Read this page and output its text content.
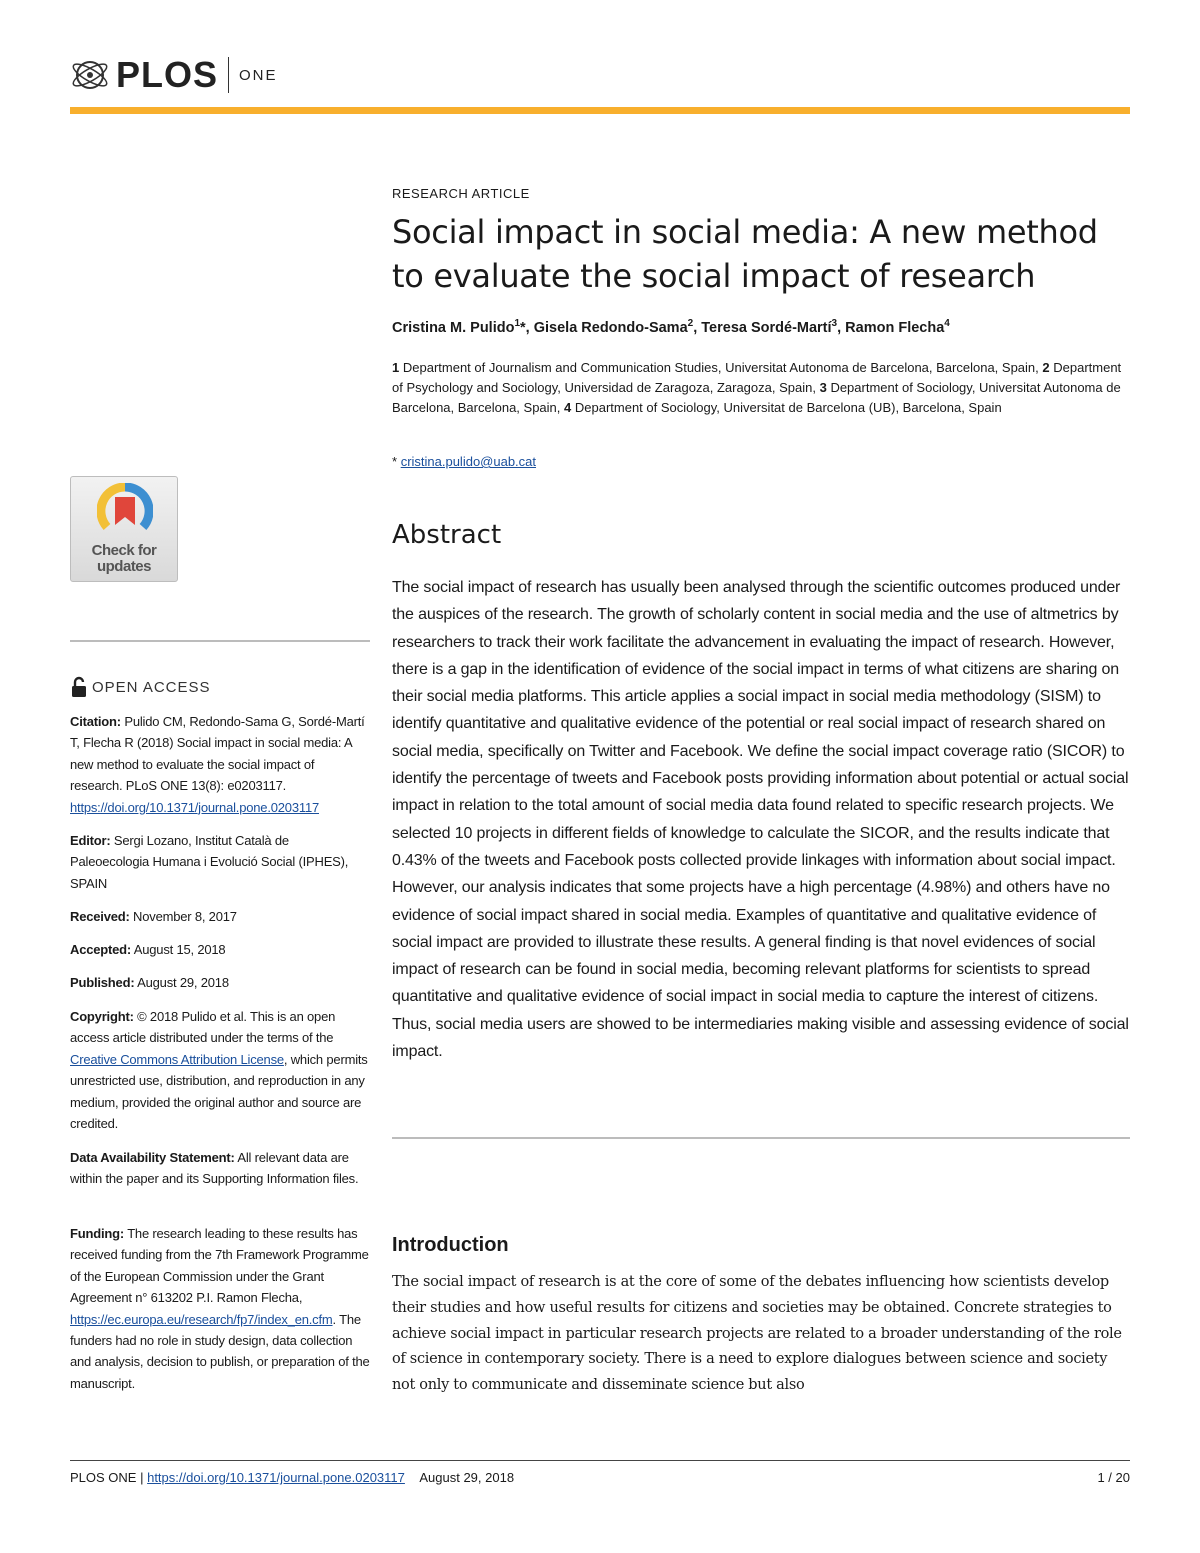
PLOS ONE
Check for
updates
OPEN ACCESS
Citation: Pulido CM, Redondo-Sama G, Sordé-Martí T, Flecha R (2018) Social impact in social media: A new method to evaluate the social impact of research. PLoS ONE 13(8): e0203117. https://doi.org/10.1371/journal.pone.0203117
Editor: Sergi Lozano, Institut Català de Paleoecologia Humana i Evolució Social (IPHES), SPAIN
Received: November 8, 2017
Accepted: August 15, 2018
Published: August 29, 2018
Copyright: © 2018 Pulido et al. This is an open access article distributed under the terms of the Creative Commons Attribution License, which permits unrestricted use, distribution, and reproduction in any medium, provided the original author and source are credited.
Data Availability Statement: All relevant data are within the paper and its Supporting Information files.
Funding: The research leading to these results has received funding from the 7th Framework Programme of the European Commission under the Grant Agreement n° 613202 P.I. Ramon Flecha, https://ec.europa.eu/research/fp7/index_en.cfm. The funders had no role in study design, data collection and analysis, decision to publish, or preparation of the manuscript.
RESEARCH ARTICLE
Social impact in social media: A new method to evaluate the social impact of research
Cristina M. Pulido$^1$*, Gisela Redondo-Sama$^2$, Teresa Sordé-Martí$^3$, Ramon Flecha$^4$
1 Department of Journalism and Communication Studies, Universitat Autonoma de Barcelona, Barcelona, Spain, 2 Department of Psychology and Sociology, Universidad de Zaragoza, Zaragoza, Spain, 3 Department of Sociology, Universitat Autonoma de Barcelona, Barcelona, Spain, 4 Department of Sociology, Universitat de Barcelona (UB), Barcelona, Spain
* cristina.pulido@uab.cat
Abstract
The social impact of research has usually been analysed through the scientific outcomes produced under the auspices of the research. The growth of scholarly content in social media and the use of altmetrics by researchers to track their work facilitate the advancement in evaluating the impact of research. However, there is a gap in the identification of evidence of the social impact in terms of what citizens are sharing on their social media platforms. This article applies a social impact in social media methodology (SISM) to identify quantitative and qualitative evidence of the potential or real social impact of research shared on social media, specifically on Twitter and Facebook. We define the social impact coverage ratio (SICOR) to identify the percentage of tweets and Facebook posts providing information about potential or actual social impact in relation to the total amount of social media data found related to specific research projects. We selected 10 projects in different fields of knowledge to calculate the SICOR, and the results indicate that 0.43% of the tweets and Facebook posts collected provide linkages with information about social impact. However, our analysis indicates that some projects have a high percentage (4.98%) and others have no evidence of social impact shared in social media. Examples of quantitative and qualitative evidence of social impact are provided to illustrate these results. A general finding is that novel evidences of social impact of research can be found in social media, becoming relevant platforms for scientists to spread quantitative and qualitative evidence of social impact in social media to capture the interest of citizens. Thus, social media users are showed to be intermediaries making visible and assessing evidence of social impact.
Introduction
The social impact of research is at the core of some of the debates influencing how scientists develop their studies and how useful results for citizens and societies may be obtained. Concrete strategies to achieve social impact in particular research projects are related to a broader understanding of the role of science in contemporary society. There is a need to explore dialogues between science and society not only to communicate and disseminate science but also
PLOS ONE | https://doi.org/10.1371/journal.pone.0203117 August 29, 2018	1 / 20
